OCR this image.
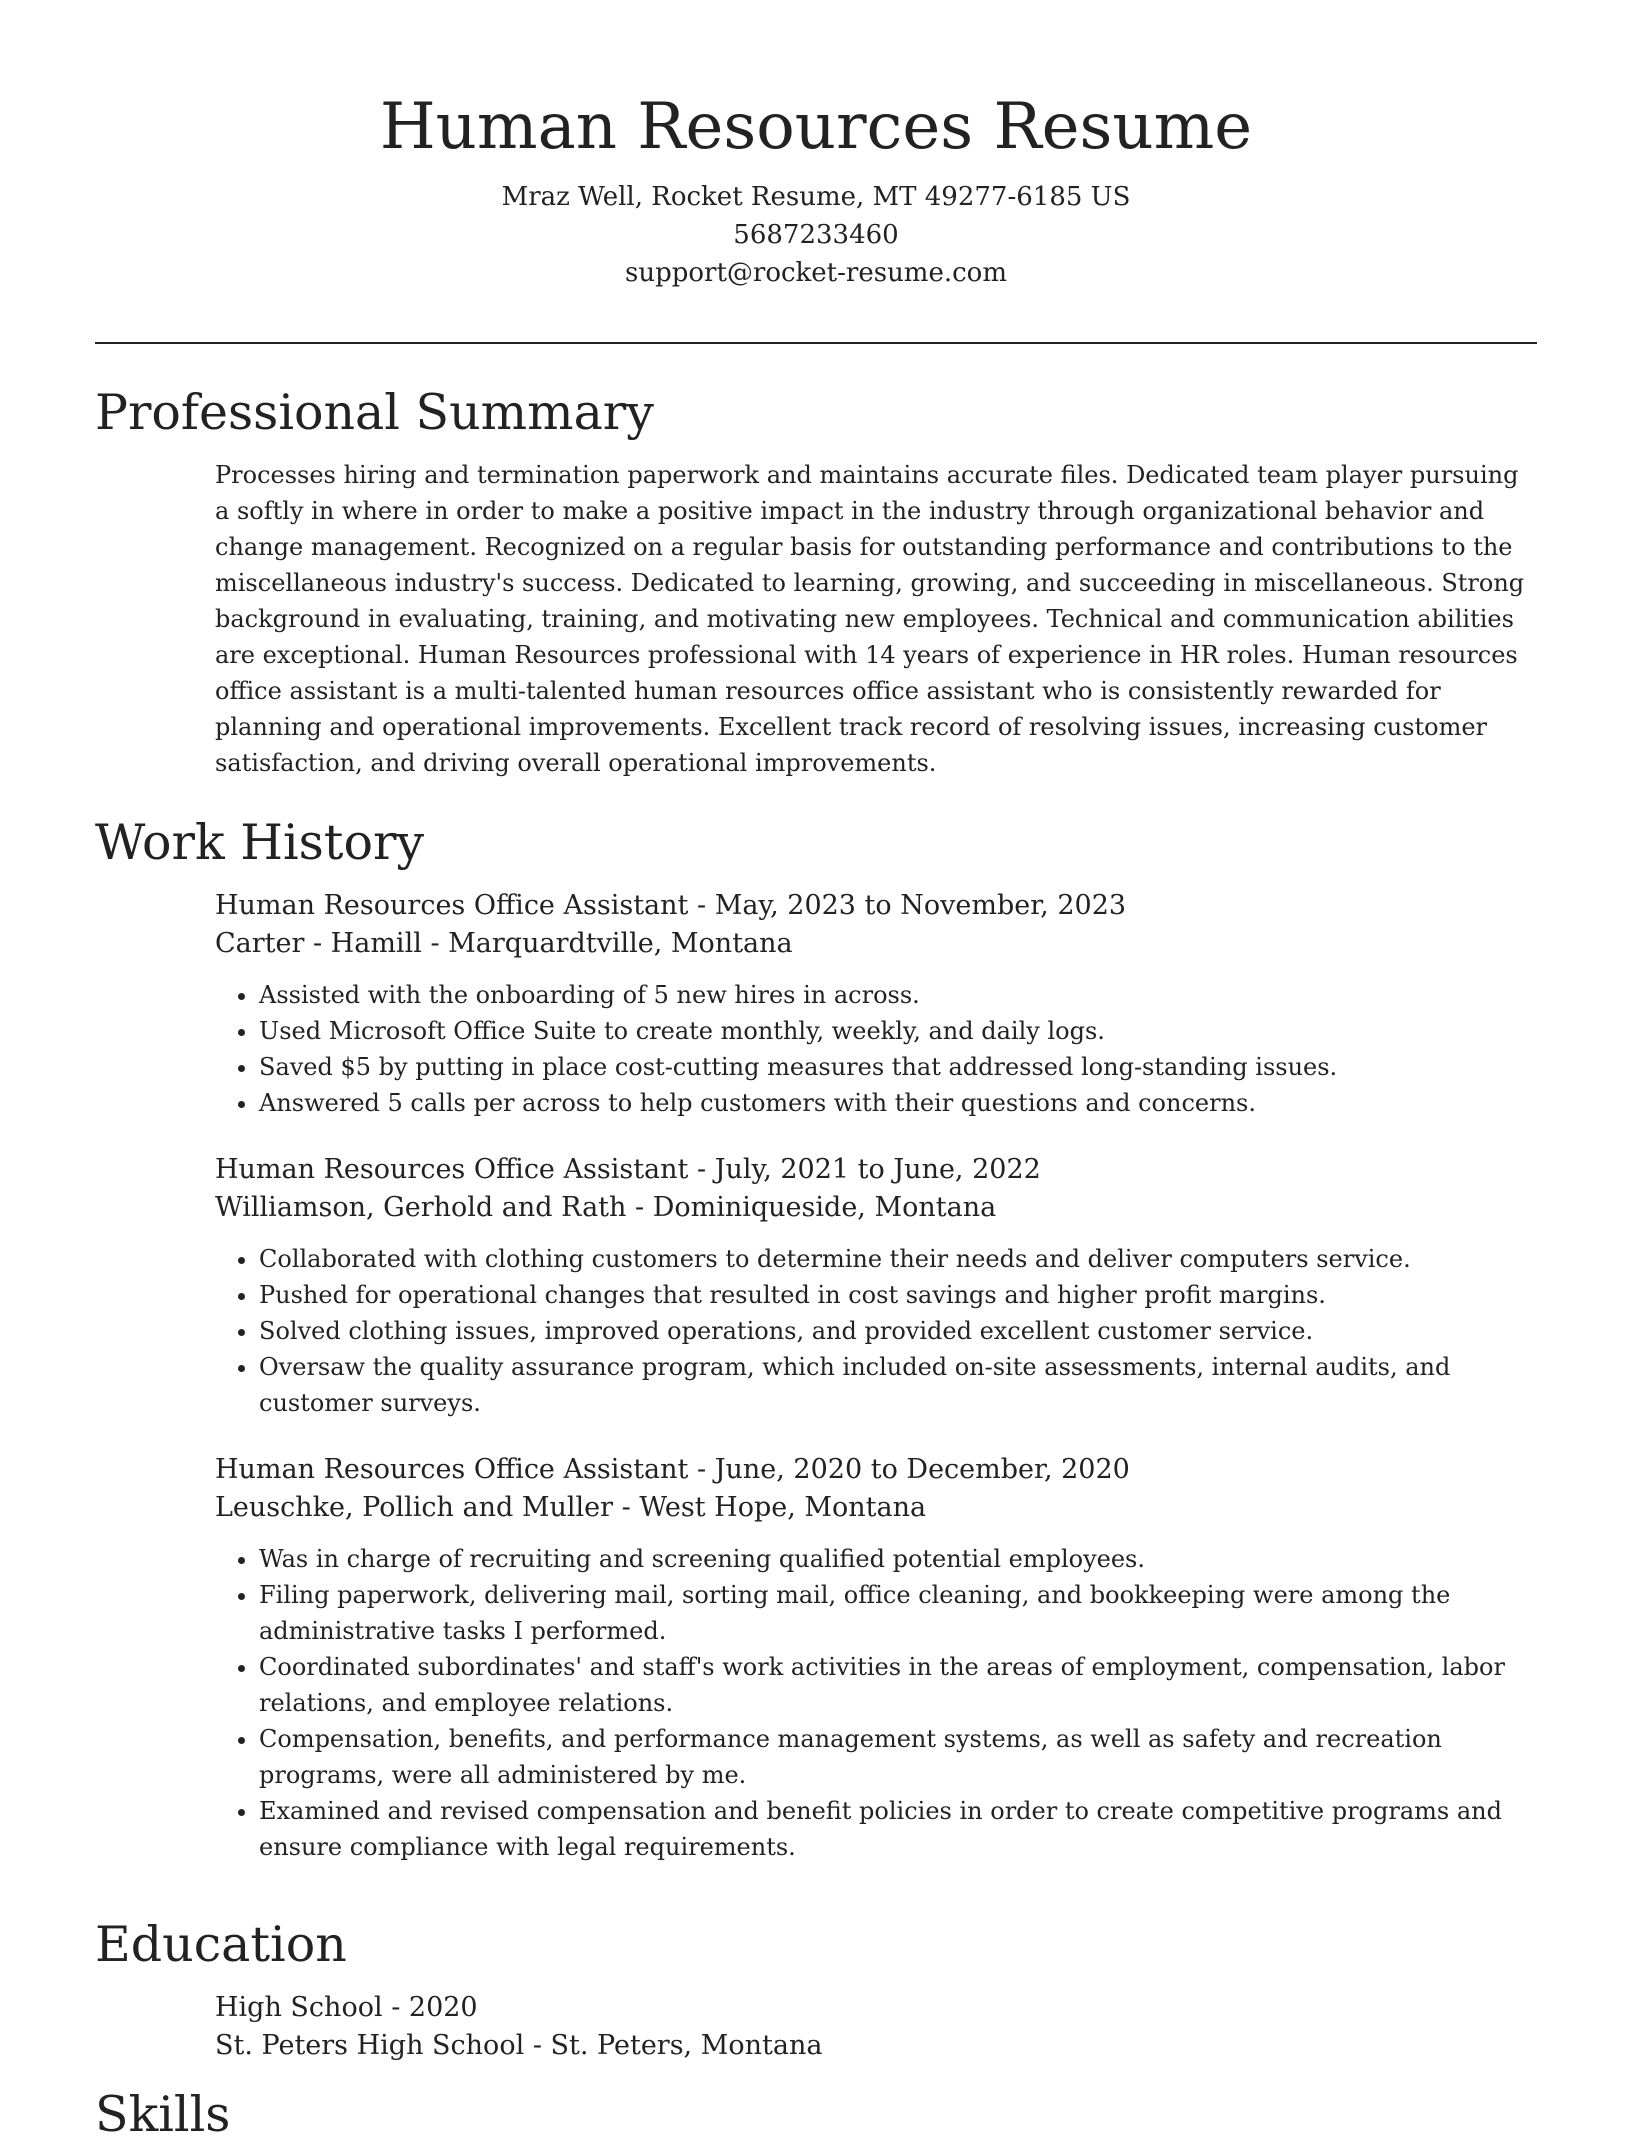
Human Resources Resume

Mraz Well, Rocket Resume, MT 49277-6185 US

5687233460

support@rocket-resume.com

Professional Summary

Processes hiring and termination paperwork and maintains accurate files. Dedicated team player pursuing a softly in where in order to make a positive impact in the industry through organizational behavior and change management. Recognized on a regular basis for outstanding performance and contributions to the miscellaneous industry's success. Dedicated to learning, growing, and succeeding in miscellaneous. Strong background in evaluating, training, and motivating new employees. Technical and communication abilities are exceptional. Human Resources professional with 14 years of experience in HR roles. Human resources office assistant is a multi-talented human resources office assistant who is consistently rewarded for planning and operational improvements. Excellent track record of resolving issues, increasing customer satisfaction, and driving overall operational improvements.

Work History

Human Resources Office Assistant - May, 2023 to November, 2023

Carter - Hamill - Marquardtville, Montana

• Assisted with the onboarding of 5 new hires in across.
• Used Microsoft Office Suite to create monthly, weekly, and daily logs.
• Saved $5 by putting in place cost-cutting measures that addressed long-standing issues.
• Answered 5 calls per across to help customers with their questions and concerns.

Human Resources Office Assistant - July, 2021 to June, 2022

Williamson, Gerhold and Rath - Dominiqueside, Montana

• Collaborated with clothing customers to determine their needs and deliver computers service.
• Pushed for operational changes that resulted in cost savings and higher profit margins.
• Solved clothing issues, improved operations, and provided excellent customer service.
• Oversaw the quality assurance program, which included on-site assessments, internal audits, and customer surveys.

Human Resources Office Assistant - June, 2020 to December, 2020

Leuschke, Pollich and Muller - West Hope, Montana

• Was in charge of recruiting and screening qualified potential employees.
• Filing paperwork, delivering mail, sorting mail, office cleaning, and bookkeeping were among the administrative tasks I performed.
• Coordinated subordinates' and staff's work activities in the areas of employment, compensation, labor relations, and employee relations.
• Compensation, benefits, and performance management systems, as well as safety and recreation programs, were all administered by me.
• Examined and revised compensation and benefit policies in order to create competitive programs and ensure compliance with legal requirements.
Education

High School - 2020

St. Peters High School - St. Peters, Montana

Skills
